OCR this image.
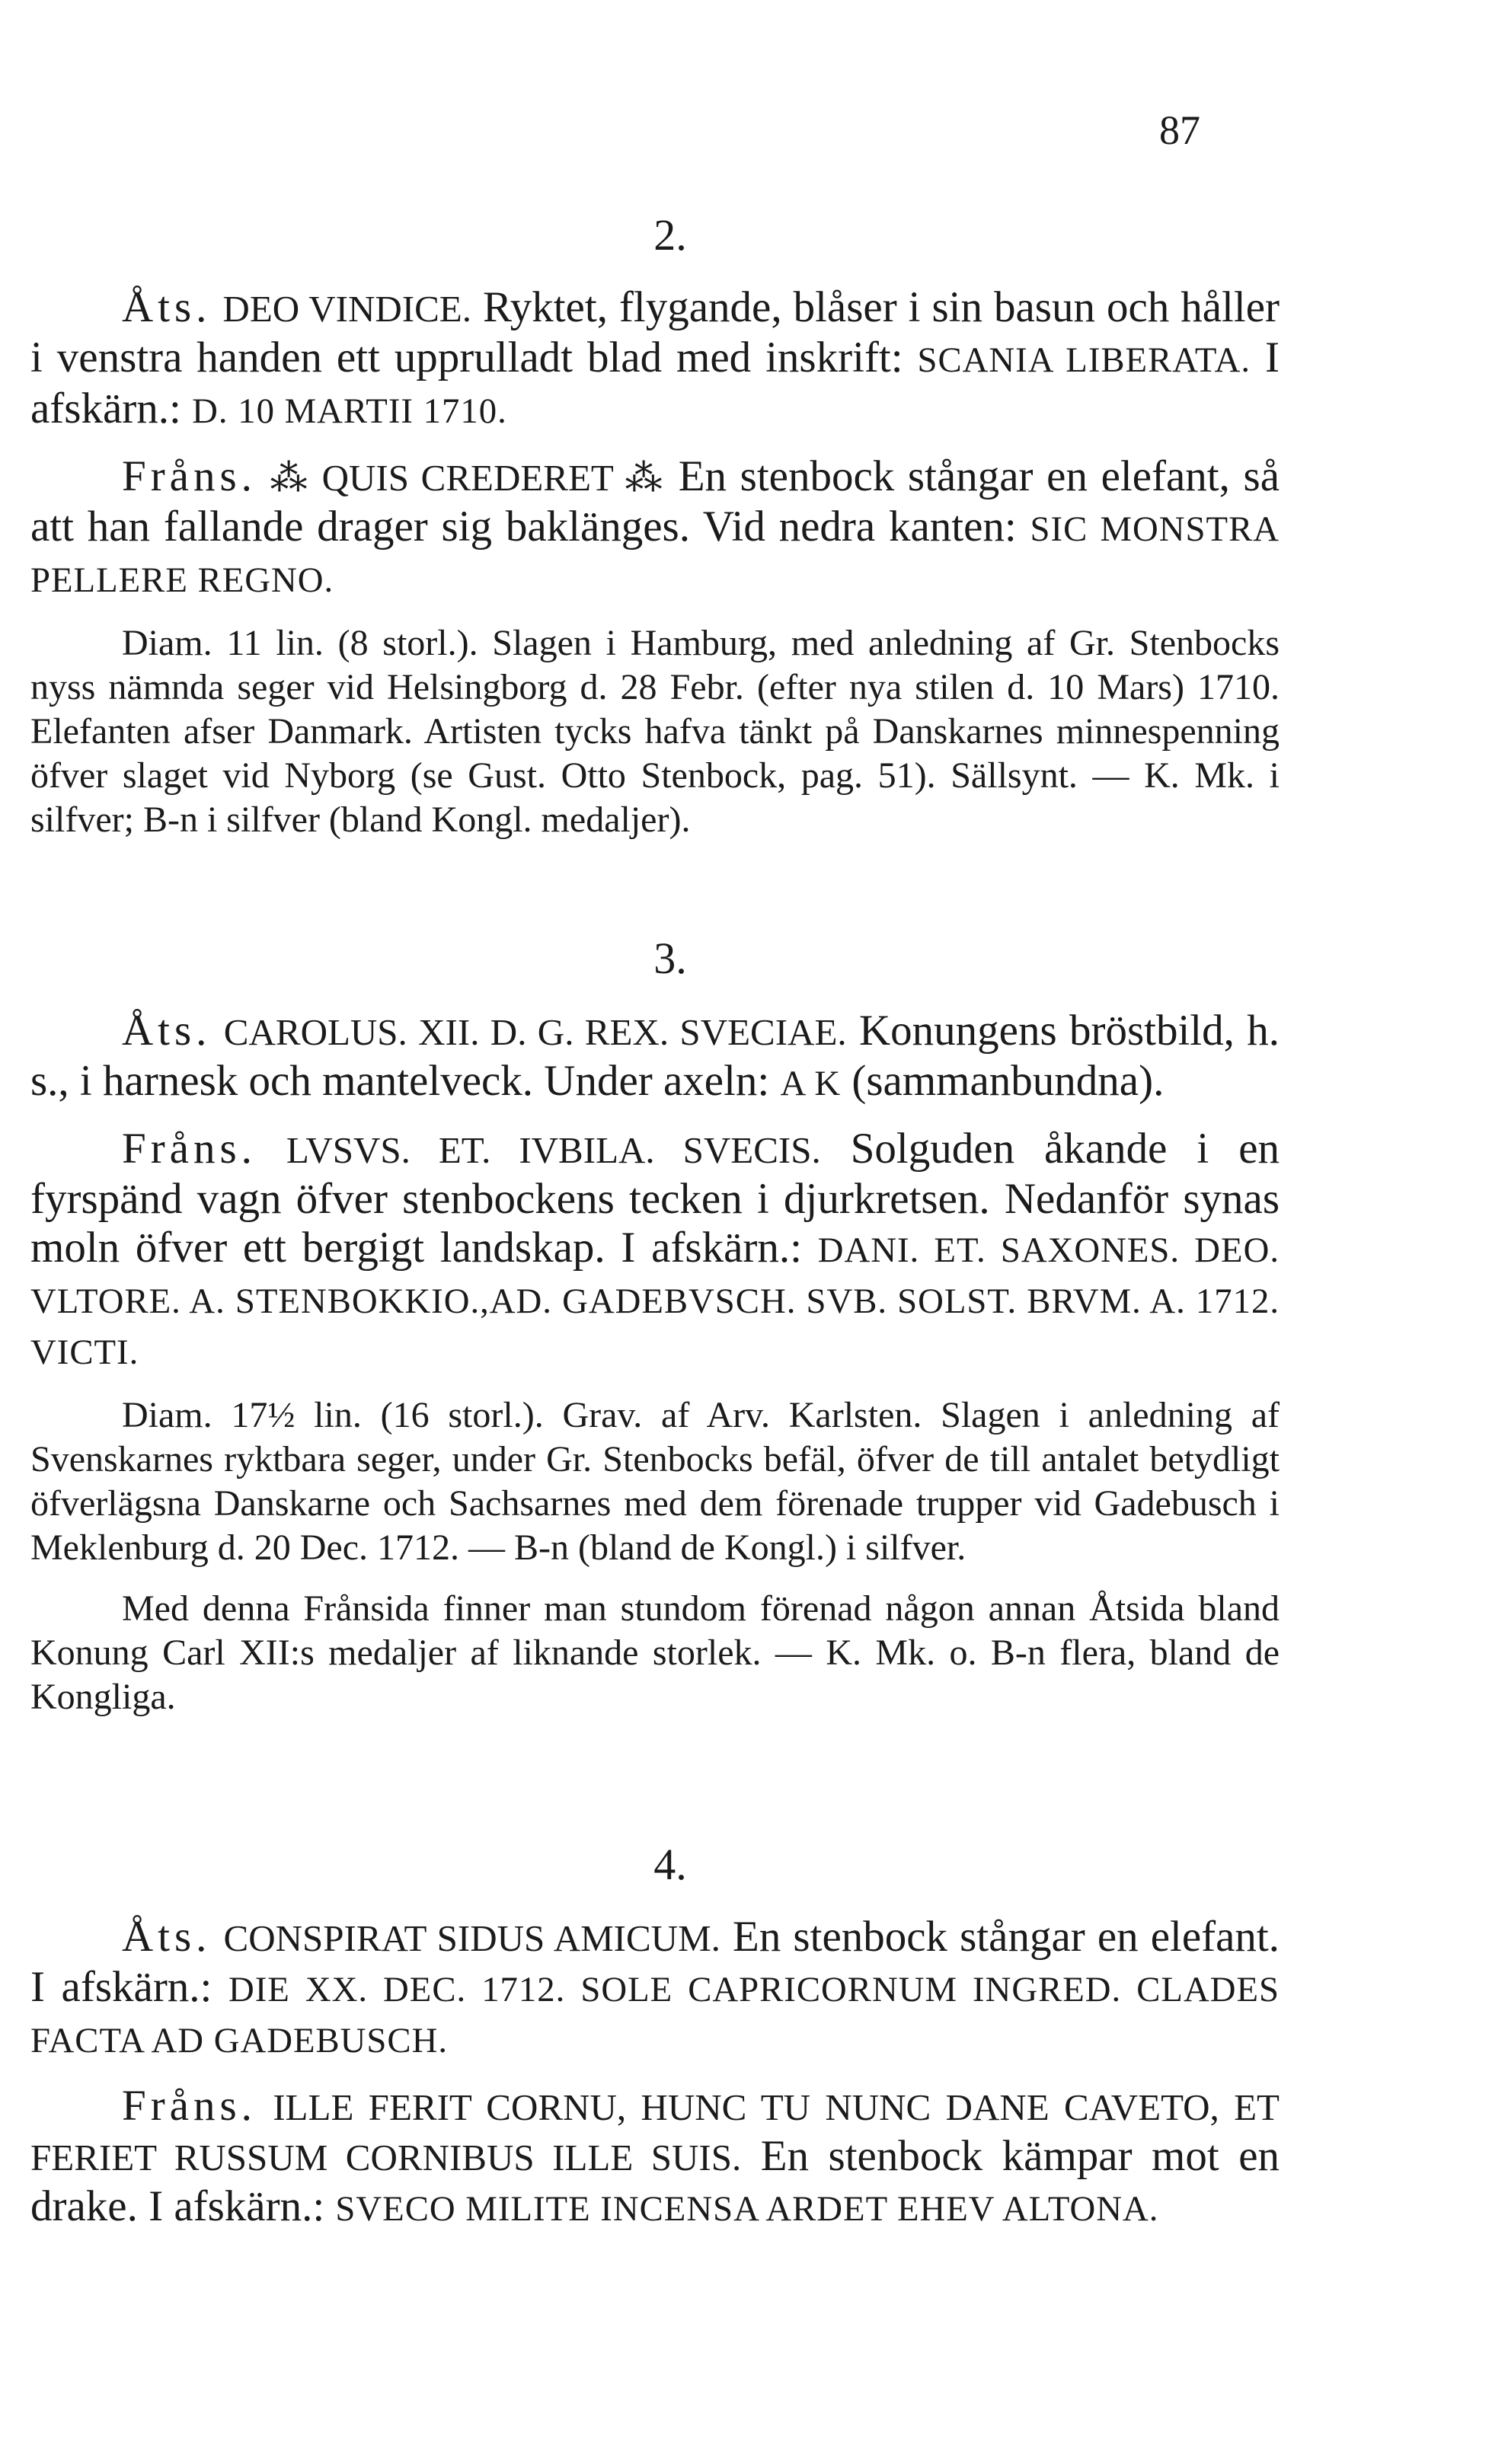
87
2.

Åts. DEO VINDICE. Ryktet, flygande, blåser i sin basun och håller i venstra handen ett upprulladt blad med inskrift: SCANIA LIBERATA. I afskärn.: D. 10 MARTII 1710.

Fråns. ⁂ QUIS CREDERET ⁂ En stenbock stångar en elefant, så att han fallande drager sig baklänges. Vid nedra kanten: SIC MONSTRA PELLERE REGNO.

Diam. 11 lin. (8 storl.). Slagen i Hamburg, med anledning af Gr. Stenbocks nyss nämnda seger vid Helsingborg d. 28 Febr. (efter nya stilen d. 10 Mars) 1710. Elefanten afser Danmark. Artisten tycks hafva tänkt på Danskarnes minnespenning öfver slaget vid Nyborg (se Gust. Otto Stenbock, pag. 51). Sällsynt. — K. Mk. i silfver; B-n i silfver (bland Kongl. medaljer).

3.

Åts. CAROLUS. XII. D. G. REX. SVECIAE. Konungens bröstbild, h. s., i harnesk och mantelveck. Under axeln: A K (sammanbundna).

Fråns. LVSVS. ET. IVBILA. SVECIS. Solguden åkande i en fyrspänd vagn öfver stenbockens tecken i djurkretsen. Nedanför synas moln öfver ett bergigt landskap. I afskärn.: DANI. ET. SAXONES. DEO. VLTORE. A. STENBOKKIO.,AD. GADEBVSCH. SVB. SOLST. BRVM. A. 1712. VICTI.

Diam. 17½ lin. (16 storl.). Grav. af Arv. Karlsten. Slagen i anledning af Svenskarnes ryktbara seger, under Gr. Stenbocks befäl, öfver de till antalet betydligt öfverlägsna Danskarne och Sachsarnes med dem förenade trupper vid Gadebusch i Meklenburg d. 20 Dec. 1712. — B-n (bland de Kongl.) i silfver.

Med denna Frånsida finner man stundom förenad någon annan Åtsida bland Konung Carl XII:s medaljer af liknande storlek. — K. Mk. o. B-n flera, bland de Kongliga.

4.

Åts. CONSPIRAT SIDUS AMICUM. En stenbock stångar en elefant. I afskärn.: DIE XX. DEC. 1712. SOLE CAPRICORNUM INGRED. CLADES FACTA AD GADEBUSCH.

Fråns. ILLE FERIT CORNU, HUNC TU NUNC DANE CAVETO, ET FERIET RUSSUM CORNIBUS ILLE SUIS. En stenbock kämpar mot en drake. I afskärn.: SVECO MILITE INCENSA ARDET EHEV ALTONA.
